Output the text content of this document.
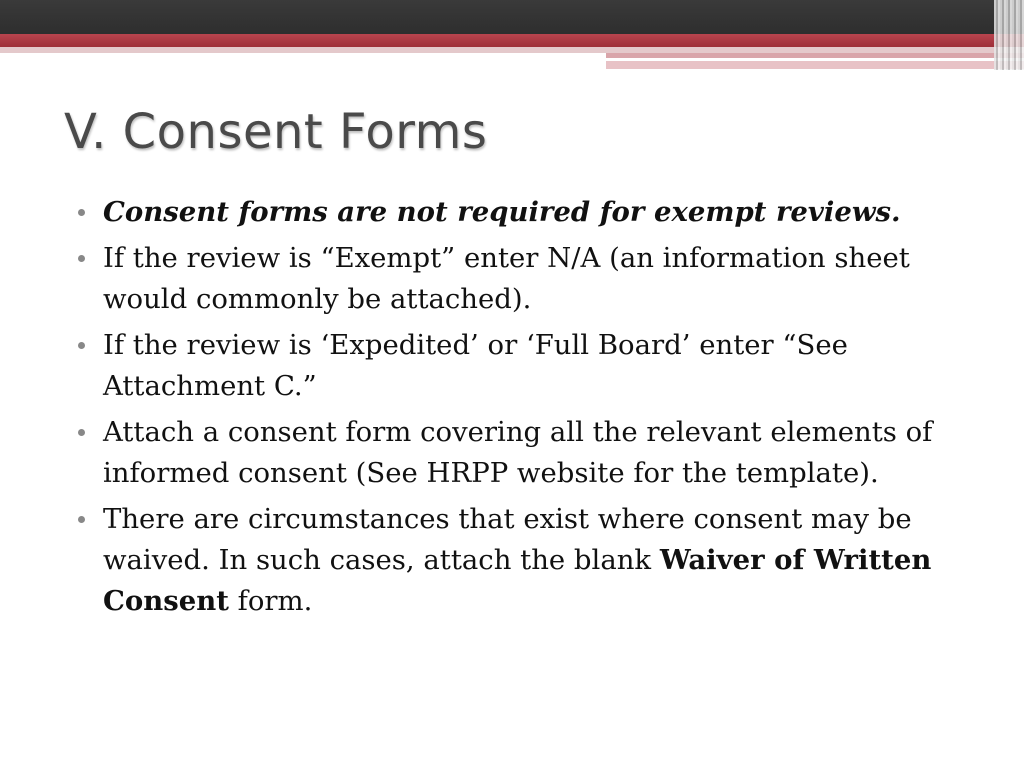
V. Consent Forms
Consent forms are not required for exempt reviews.
If the review is “Exempt” enter N/A (an information sheet would commonly be attached).
If the review is ‘Expedited’ or ‘Full Board’ enter “See Attachment C.”
Attach a consent form covering all the relevant elements of informed consent (See HRPP website for the template).
There are circumstances that exist where consent may be waived. In such cases, attach the blank Waiver of Written Consent form.
